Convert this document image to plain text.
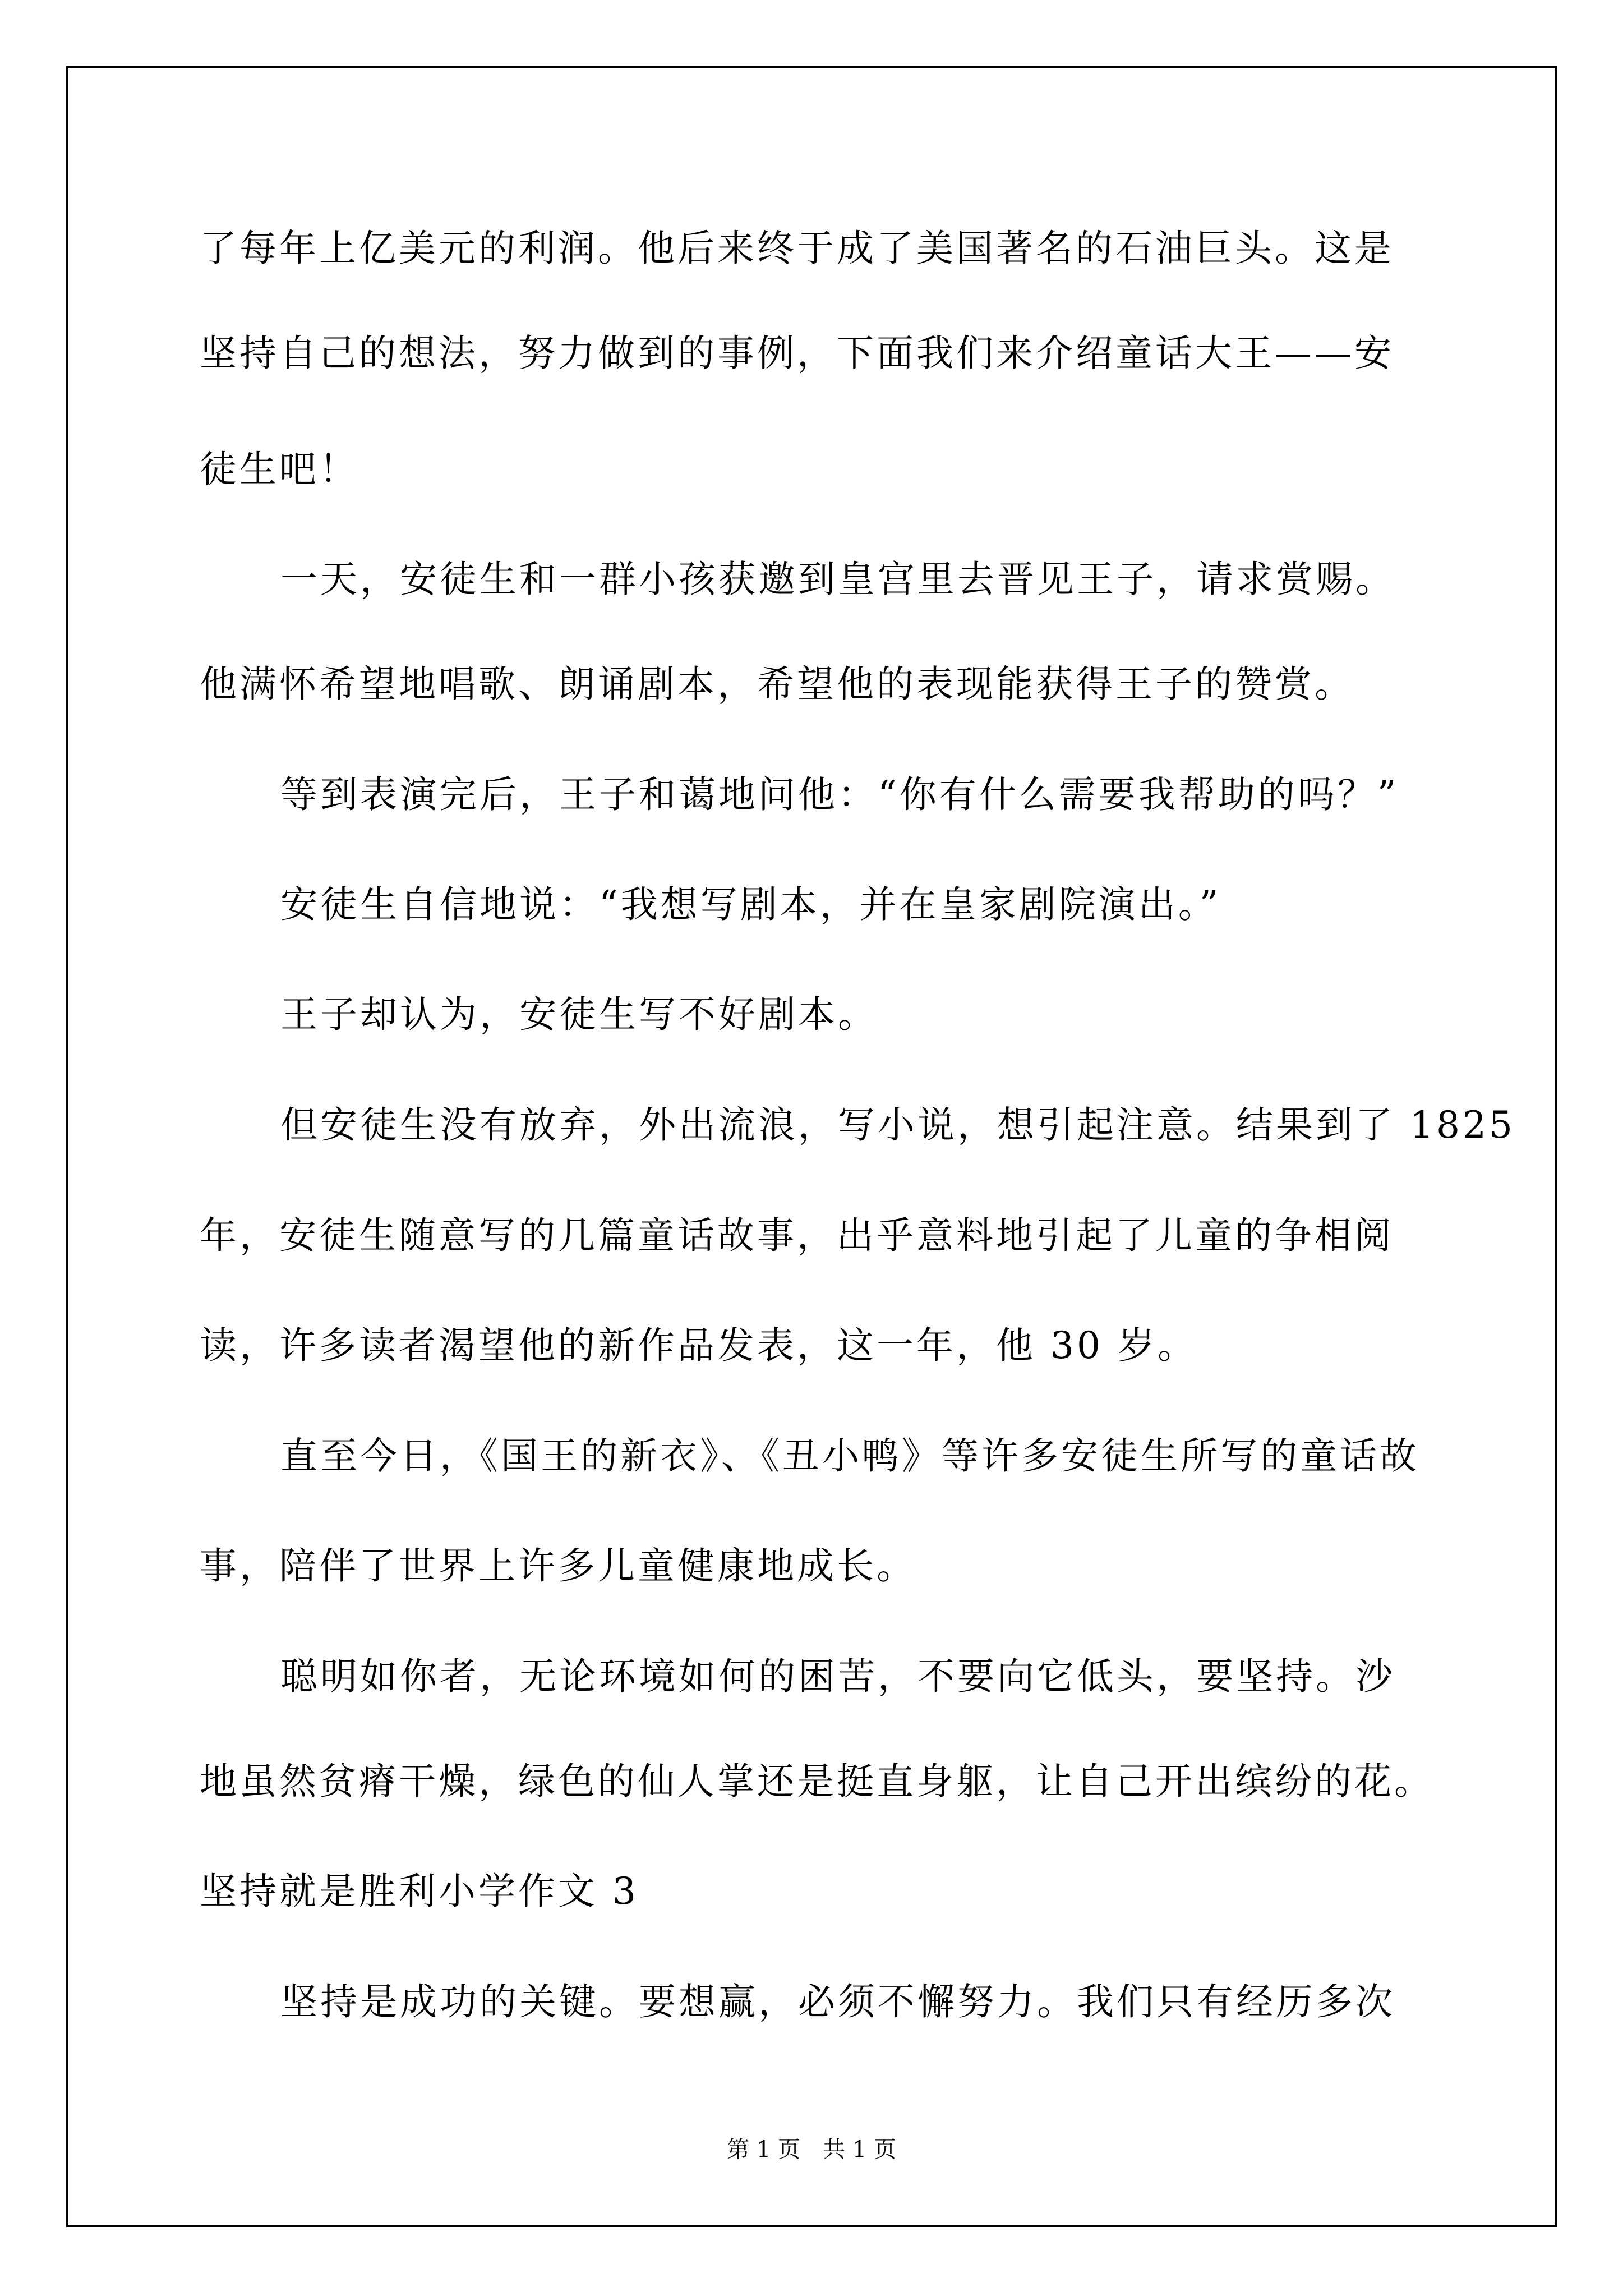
了每年上亿美元的利润。他后来终于成了美国著名的石油巨头。这是
坚持自己的想法，努力做到的事例，下面我们来介绍童话大王——安
徒生吧！
一天，安徒生和一群小孩获邀到皇宫里去晋见王子，请求赏赐。
他满怀希望地唱歌、朗诵剧本，希望他的表现能获得王子的赞赏。
等到表演完后，王子和蔼地问他：“你有什么需要我帮助的吗？”
安徒生自信地说：“我想写剧本，并在皇家剧院演出。”
王子却认为，安徒生写不好剧本。
但安徒生没有放弃，外出流浪，写小说，想引起注意。结果到了 1825
年，安徒生随意写的几篇童话故事，出乎意料地引起了儿童的争相阅
读，许多读者渴望他的新作品发表，这一年，他 30 岁。
直至今日，《国王的新衣》、《丑小鸭》等许多安徒生所写的童话故
事，陪伴了世界上许多儿童健康地成长。
聪明如你者，无论环境如何的困苦，不要向它低头，要坚持。沙
地虽然贫瘠干燥，绿色的仙人掌还是挺直身躯，让自己开出缤纷的花。
坚持就是胜利小学作文 3
坚持是成功的关键。要想赢，必须不懈努力。我们只有经历多次
第 1 页　共 1 页
